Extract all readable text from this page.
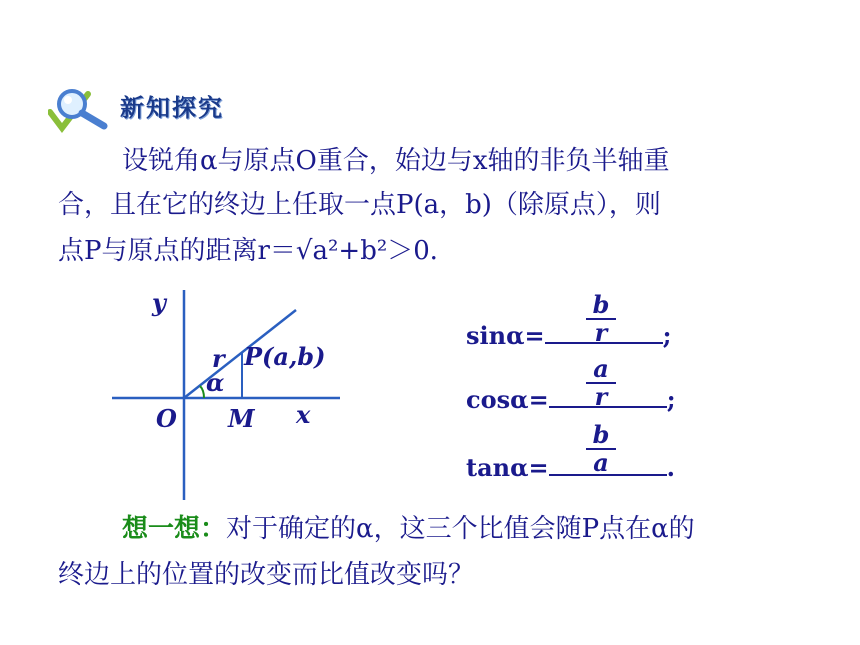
新知探究
设锐角α与原点O重合，始边与x轴的非负半轴重
合，且在它的终边上任取一点P(a，b)（除原点），则
点P与原点的距离r＝√a²+b²＞0．
y
x
O M
r P(a,b)
α
sinα=	;
$\frac{b}{r}$
cosα=	;
$\frac{a}{r}$
tanα=	.
$\frac{b}{a}$
想一想：对于确定的α，这三个比值会随P点在α的
终边上的位置的改变而比值改变吗？
